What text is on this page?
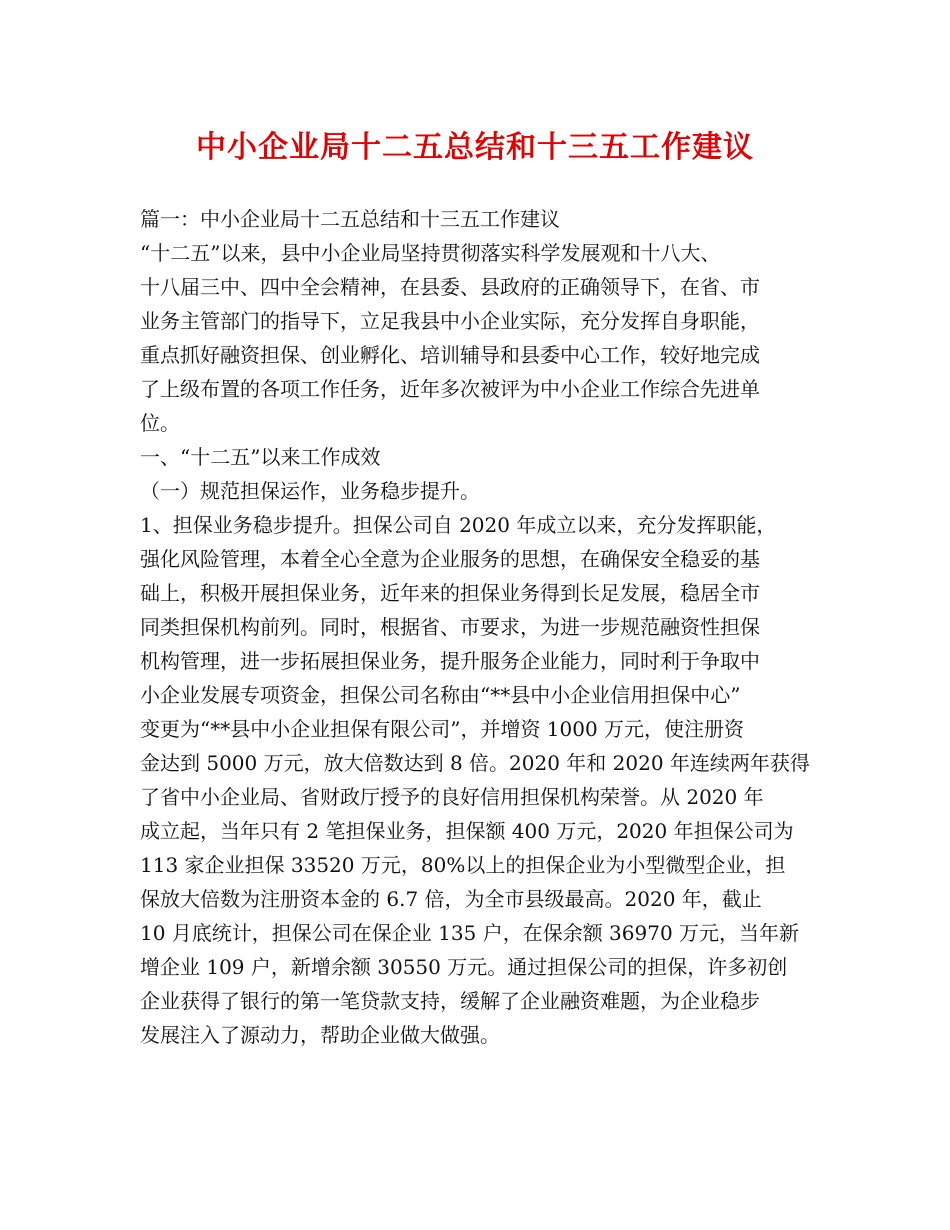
中小企业局十二五总结和十三五工作建议
篇一：中小企业局十二五总结和十三五工作建议
“十二五”以来，县中小企业局坚持贯彻落实科学发展观和十八大、
十八届三中、四中全会精神，在县委、县政府的正确领导下，在省、市
业务主管部门的指导下，立足我县中小企业实际，充分发挥自身职能，
重点抓好融资担保、创业孵化、培训辅导和县委中心工作，较好地完成
了上级布置的各项工作任务，近年多次被评为中小企业工作综合先进单
位。
一、“十二五”以来工作成效
（一）规范担保运作，业务稳步提升。
1、担保业务稳步提升。担保公司自 2020 年成立以来，充分发挥职能，
强化风险管理，本着全心全意为企业服务的思想，在确保安全稳妥的基
础上，积极开展担保业务，近年来的担保业务得到长足发展，稳居全市
同类担保机构前列。同时，根据省、市要求，为进一步规范融资性担保
机构管理，进一步拓展担保业务，提升服务企业能力，同时利于争取中
小企业发展专项资金，担保公司名称由“**县中小企业信用担保中心”
变更为“**县中小企业担保有限公司”，并增资 1000 万元，使注册资
金达到 5000 万元，放大倍数达到 8 倍。2020 年和 2020 年连续两年获得
了省中小企业局、省财政厅授予的良好信用担保机构荣誉。从 2020 年
成立起，当年只有 2 笔担保业务，担保额 400 万元，2020 年担保公司为
113 家企业担保 33520 万元，80%以上的担保企业为小型微型企业，担
保放大倍数为注册资本金的 6.7 倍，为全市县级最高。2020 年，截止
10 月底统计，担保公司在保企业 135 户，在保余额 36970 万元，当年新
增企业 109 户，新增余额 30550 万元。通过担保公司的担保，许多初创
企业获得了银行的第一笔贷款支持，缓解了企业融资难题，为企业稳步
发展注入了源动力，帮助企业做大做强。
